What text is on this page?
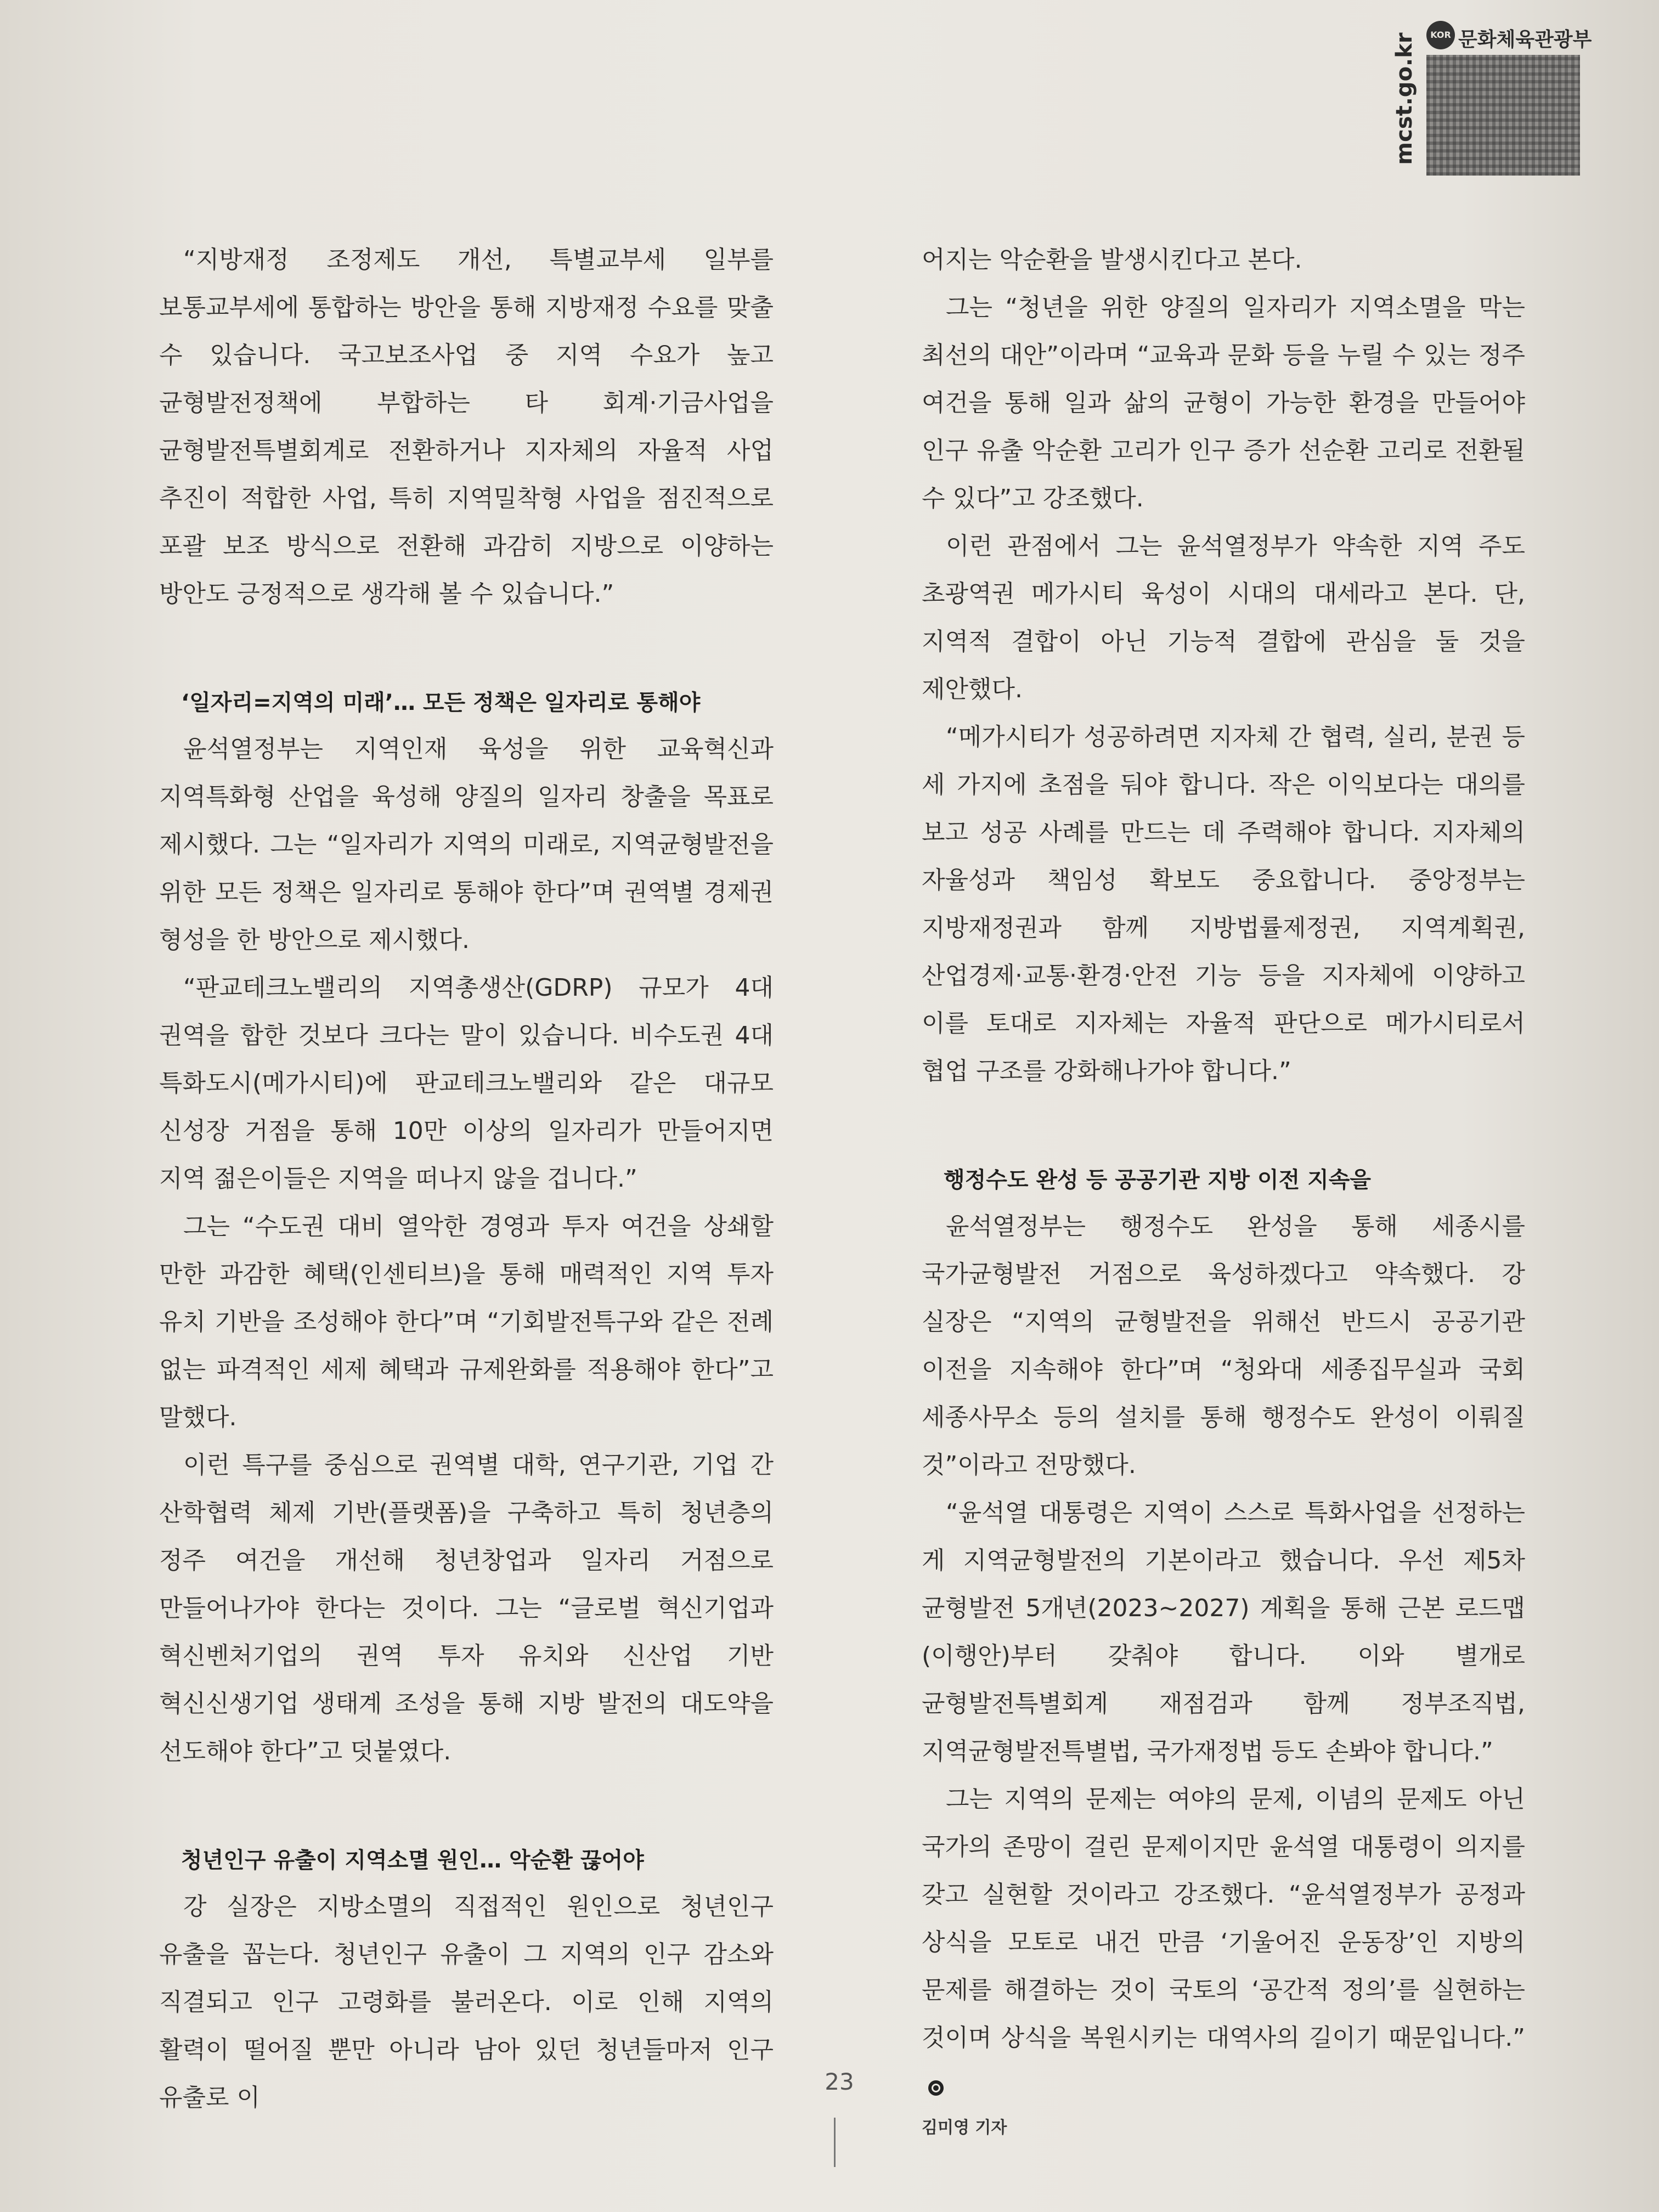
mcst.go.kr	KOR 문화체육관광부

“지방재정 조정제도 개선, 특별교부세 일부를 보통교부세에 통합하는 방안을 통해 지방재정 수요를 맞출 수 있습니다. 국고보조사업 중 지역 수요가 높고 균형발전정책에 부합하는 타 회계·기금사업을 균형발전특별회계로 전환하거나 지자체의 자율적 사업 추진이 적합한 사업, 특히 지역밀착형 사업을 점진적으로 포괄 보조 방식으로 전환해 과감히 지방으로 이양하는 방안도 긍정적으로 생각해 볼 수 있습니다.”

‘일자리=지역의 미래’… 모든 정책은 일자리로 통해야

윤석열정부는 지역인재 육성을 위한 교육혁신과 지역특화형 산업을 육성해 양질의 일자리 창출을 목표로 제시했다. 그는 “일자리가 지역의 미래로, 지역균형발전을 위한 모든 정책은 일자리로 통해야 한다”며 권역별 경제권 형성을 한 방안으로 제시했다.

“판교테크노밸리의 지역총생산(GDRP) 규모가 4대 권역을 합한 것보다 크다는 말이 있습니다. 비수도권 4대 특화도시(메가시티)에 판교테크노밸리와 같은 대규모 신성장 거점을 통해 10만 이상의 일자리가 만들어지면 지역 젊은이들은 지역을 떠나지 않을 겁니다.”

그는 “수도권 대비 열악한 경영과 투자 여건을 상쇄할 만한 과감한 혜택(인센티브)을 통해 매력적인 지역 투자 유치 기반을 조성해야 한다”며 “기회발전특구와 같은 전례 없는 파격적인 세제 혜택과 규제완화를 적용해야 한다”고 말했다.

이런 특구를 중심으로 권역별 대학, 연구기관, 기업 간 산학협력 체제 기반(플랫폼)을 구축하고 특히 청년층의 정주 여건을 개선해 청년창업과 일자리 거점으로 만들어나가야 한다는 것이다. 그는 “글로벌 혁신기업과 혁신벤처기업의 권역 투자 유치와 신산업 기반 혁신신생기업 생태계 조성을 통해 지방 발전의 대도약을 선도해야 한다”고 덧붙였다.

청년인구 유출이 지역소멸 원인… 악순환 끊어야

강 실장은 지방소멸의 직접적인 원인으로 청년인구 유출을 꼽는다. 청년인구 유출이 그 지역의 인구 감소와 직결되고 인구 고령화를 불러온다. 이로 인해 지역의 활력이 떨어질 뿐만 아니라 남아 있던 청년들마저 인구 유출로 이

어지는 악순환을 발생시킨다고 본다.

그는 “청년을 위한 양질의 일자리가 지역소멸을 막는 최선의 대안”이라며 “교육과 문화 등을 누릴 수 있는 정주 여건을 통해 일과 삶의 균형이 가능한 환경을 만들어야 인구 유출 악순환 고리가 인구 증가 선순환 고리로 전환될 수 있다”고 강조했다.

이런 관점에서 그는 윤석열정부가 약속한 지역 주도 초광역권 메가시티 육성이 시대의 대세라고 본다. 단, 지역적 결합이 아닌 기능적 결합에 관심을 둘 것을 제안했다.

“메가시티가 성공하려면 지자체 간 협력, 실리, 분권 등 세 가지에 초점을 둬야 합니다. 작은 이익보다는 대의를 보고 성공 사례를 만드는 데 주력해야 합니다. 지자체의 자율성과 책임성 확보도 중요합니다. 중앙정부는 지방재정권과 함께 지방법률제정권, 지역계획권, 산업경제·교통·환경·안전 기능 등을 지자체에 이양하고 이를 토대로 지자체는 자율적 판단으로 메가시티로서 협업 구조를 강화해나가야 합니다.”

행정수도 완성 등 공공기관 지방 이전 지속을

윤석열정부는 행정수도 완성을 통해 세종시를 국가균형발전 거점으로 육성하겠다고 약속했다. 강 실장은 “지역의 균형발전을 위해선 반드시 공공기관 이전을 지속해야 한다”며 “청와대 세종집무실과 국회 세종사무소 등의 설치를 통해 행정수도 완성이 이뤄질 것”이라고 전망했다.

“윤석열 대통령은 지역이 스스로 특화사업을 선정하는 게 지역균형발전의 기본이라고 했습니다. 우선 제5차 균형발전 5개년(2023~2027) 계획을 통해 근본 로드맵(이행안)부터 갖춰야 합니다. 이와 별개로 균형발전특별회계 재점검과 함께 정부조직법, 지역균형발전특별법, 국가재정법 등도 손봐야 합니다.”

그는 지역의 문제는 여야의 문제, 이념의 문제도 아닌 국가의 존망이 걸린 문제이지만 윤석열 대통령이 의지를 갖고 실현할 것이라고 강조했다. “윤석열정부가 공정과 상식을 모토로 내건 만큼 ‘기울어진 운동장’인 지방의 문제를 해결하는 것이 국토의 ‘공간적 정의’를 실현하는 것이며 상식을 복원시키는 대역사의 길이기 때문입니다.”

김미영 기자
23
